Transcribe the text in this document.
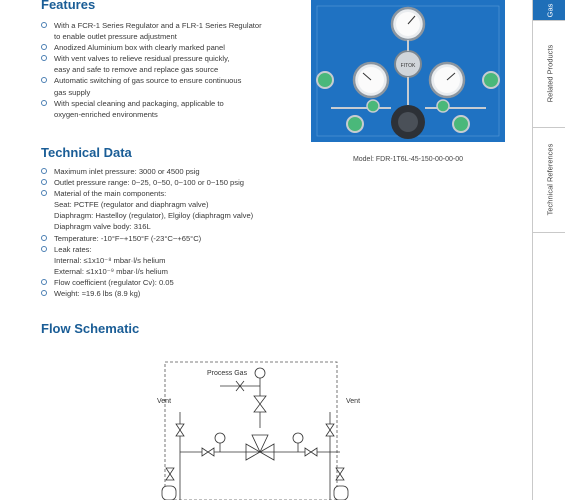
Features
With a FCR-1 Series Regulator and a FLR-1 Series Regulator
to enable outlet pressure adjustment
Anodized Aluminium box with clearly marked panel
With vent valves to relieve residual pressure quickly,
easy and safe to remove and replace gas source
Automatic switching of gas source to ensure continuous
gas supply
With special cleaning and packaging, applicable to
oxygen-enriched environments
Technical Data
Maximum inlet pressure: 3000 or 4500 psig
Outlet pressure range: 0~25, 0~50, 0~100 or 0~150 psig
Material of the main components:
Seat: PCTFE (regulator and diaphragm valve)
Diaphragm: Hastelloy (regulator), Elgiloy (diaphragm valve)
Diaphragm valve body: 316L
Temperature: -10°F~+150°F (-23°C~+65°C)
Leak rates:
Internal: ≤1x10⁻⁸ mbar·l/s helium
External: ≤1x10⁻⁹ mbar·l/s helium
Flow coefficient (regulator Cv): 0.05
Weight: ≈19.6 lbs (8.9 kg)
FITOK
Model: FDR-1T6L-45-150-00-00-00
Flow Schematic
Process Gas
Vent	Vent
Gas
Related Products
Technical References
